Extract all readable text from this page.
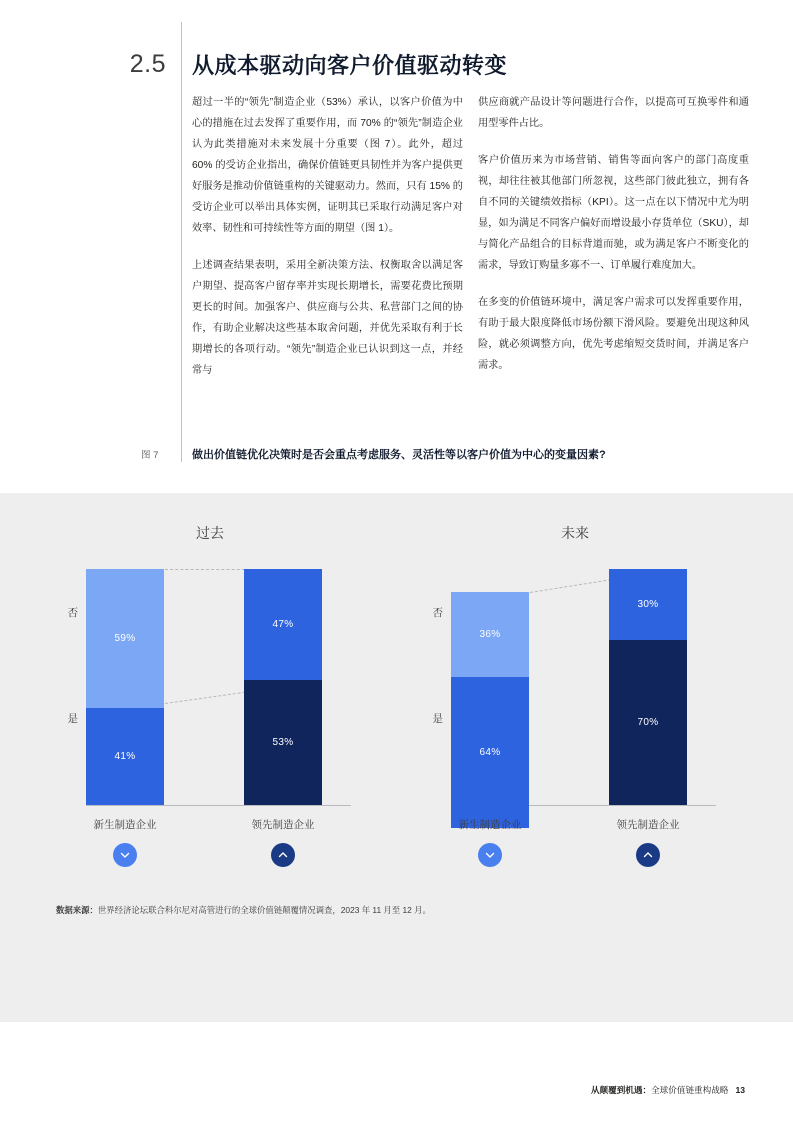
2.5 从成本驱动向客户价值驱动转变

超过一半的“领先”制造企业（53%）承认，以客户价值为中心的措施在过去发挥了重要作用，而 70% 的“领先”制造企业认为此类措施对未来发展十分重要（图 7）。此外，超过 60% 的受访企业指出，确保价值链更具韧性并为客户提供更好服务是推动价值链重构的关键驱动力。然而，只有 15% 的受访企业可以举出具体实例，证明其已采取行动满足客户对效率、韧性和可持续性等方面的期望（图 1）。

上述调查结果表明，采用全新决策方法、权衡取舍以满足客户期望、提高客户留存率并实现长期增长，需要花费比预期更长的时间。加强客户、供应商与公共、私营部门之间的协作，有助企业解决这些基本取舍问题，并优先采取有利于长期增长的各项行动。“领先”制造企业已认识到这一点，并经常与

供应商就产品设计等问题进行合作，以提高可互换零件和通用型零件占比。

客户价值历来为市场营销、销售等面向客户的部门高度重视，却往往被其他部门所忽视，这些部门彼此独立，拥有各自不同的关键绩效指标（KPI）。这一点在以下情况中尤为明显，如为满足不同客户偏好而增设最小存货单位（SKU），却与简化产品组合的目标背道而驰，或为满足客户不断变化的需求，导致订购量多寡不一、订单履行难度加大。

在多变的价值链环境中，满足客户需求可以发挥重要作用，有助于最大限度降低市场份额下滑风险。要避免出现这种风险，就必须调整方向，优先考虑缩短交货时间，并满足客户需求。

图 7	做出价值链优化决策时是否会重点考虑服务、灵活性等以客户价值为中心的变量因素?
过去	未来
否
是
59%
41%
47%
53%
新生制造企业	领先制造企业
否
是
36%
64%
30%
70%
新生制造企业	领先制造企业
数据来源：世界经济论坛联合科尔尼对高管进行的全球价值链颠覆情况调查，2023 年 11 月至 12 月。
从颠覆到机遇：全球价值链重构战略 13
